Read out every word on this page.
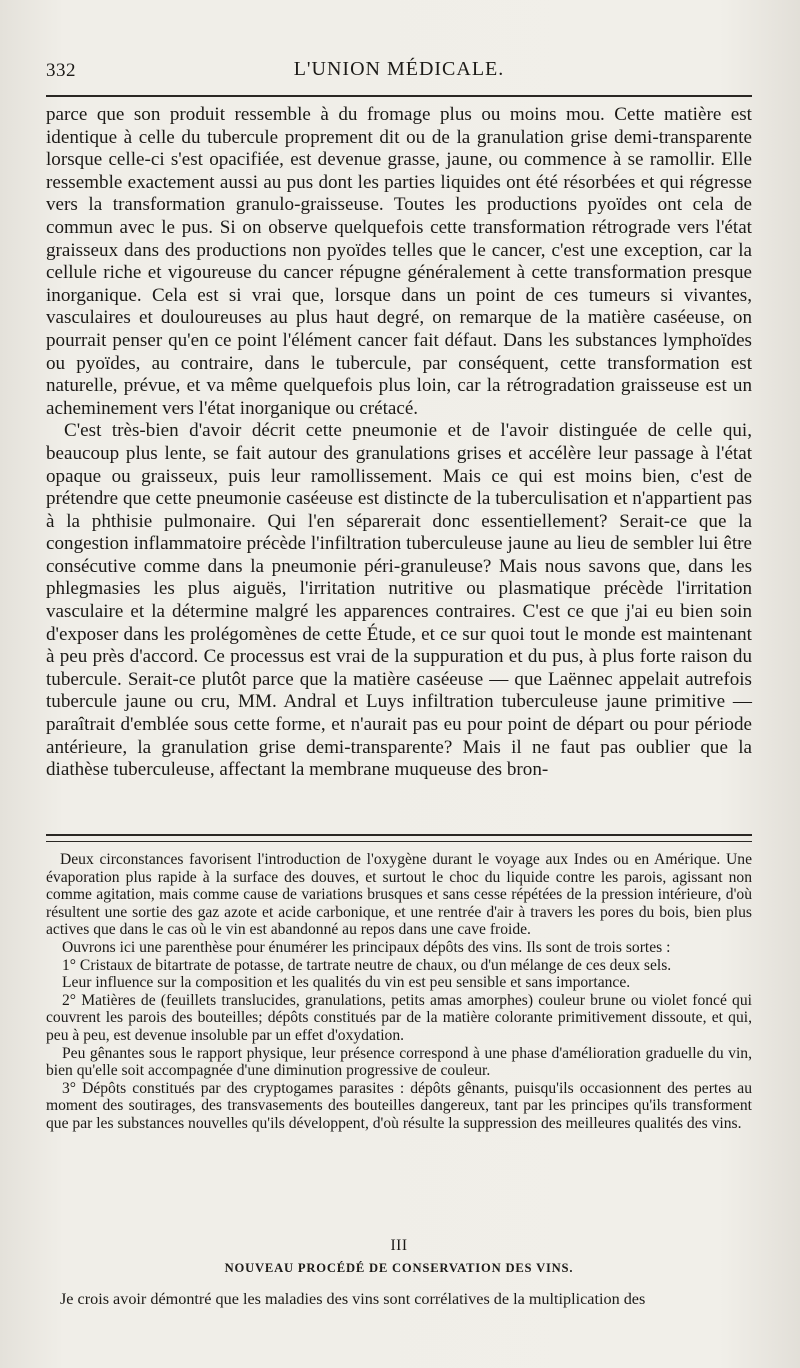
332	L'UNION MÉDICALE.

parce que son produit ressemble à du fromage plus ou moins mou. Cette matière est identique à celle du tubercule proprement dit ou de la granulation grise demi-transparente lorsque celle-ci s'est opacifiée, est devenue grasse, jaune, ou commence à se ramollir. Elle ressemble exactement aussi au pus dont les parties liquides ont été résorbées et qui régresse vers la transformation granulo-graisseuse. Toutes les productions pyoïdes ont cela de commun avec le pus. Si on observe quelquefois cette transformation rétrograde vers l'état graisseux dans des productions non pyoïdes telles que le cancer, c'est une exception, car la cellule riche et vigoureuse du cancer répugne généralement à cette transformation presque inorganique. Cela est si vrai que, lorsque dans un point de ces tumeurs si vivantes, vasculaires et douloureuses au plus haut degré, on remarque de la matière caséeuse, on pourrait penser qu'en ce point l'élément cancer fait défaut. Dans les substances lymphoïdes ou pyoïdes, au contraire, dans le tubercule, par conséquent, cette transformation est naturelle, prévue, et va même quelquefois plus loin, car la rétrogradation graisseuse est un acheminement vers l'état inorganique ou crétacé.

C'est très-bien d'avoir décrit cette pneumonie et de l'avoir distinguée de celle qui, beaucoup plus lente, se fait autour des granulations grises et accélère leur passage à l'état opaque ou graisseux, puis leur ramollissement. Mais ce qui est moins bien, c'est de prétendre que cette pneumonie caséeuse est distincte de la tuberculisation et n'appartient pas à la phthisie pulmonaire. Qui l'en séparerait donc essentiellement? Serait-ce que la congestion inflammatoire précède l'infiltration tuberculeuse jaune au lieu de sembler lui être consécutive comme dans la pneumonie péri-granuleuse? Mais nous savons que, dans les phlegmasies les plus aiguës, l'irritation nutritive ou plasmatique précède l'irritation vasculaire et la détermine malgré les apparences contraires. C'est ce que j'ai eu bien soin d'exposer dans les prolégomènes de cette Étude, et ce sur quoi tout le monde est maintenant à peu près d'accord. Ce processus est vrai de la suppuration et du pus, à plus forte raison du tubercule. Serait-ce plutôt parce que la matière caséeuse — que Laënnec appelait autrefois tubercule jaune ou cru, MM. Andral et Luys infiltration tuberculeuse jaune primitive — paraîtrait d'emblée sous cette forme, et n'aurait pas eu pour point de départ ou pour période antérieure, la granulation grise demi-transparente? Mais il ne faut pas oublier que la diathèse tuberculeuse, affectant la membrane muqueuse des bron-

Deux circonstances favorisent l'introduction de l'oxygène durant le voyage aux Indes ou en Amérique. Une évaporation plus rapide à la surface des douves, et surtout le choc du liquide contre les parois, agissant non comme agitation, mais comme cause de variations brusques et sans cesse répétées de la pression intérieure, d'où résultent une sortie des gaz azote et acide carbonique, et une rentrée d'air à travers les pores du bois, bien plus actives que dans le cas où le vin est abandonné au repos dans une cave froide.

Ouvrons ici une parenthèse pour énumérer les principaux dépôts des vins. Ils sont de trois sortes :

1° Cristaux de bitartrate de potasse, de tartrate neutre de chaux, ou d'un mélange de ces deux sels.

Leur influence sur la composition et les qualités du vin est peu sensible et sans importance.

2° Matières de (feuillets translucides, granulations, petits amas amorphes) couleur brune ou violet foncé qui couvrent les parois des bouteilles; dépôts constitués par de la matière colorante primitivement dissoute, et qui, peu à peu, est devenue insoluble par un effet d'oxydation.

Peu gênantes sous le rapport physique, leur présence correspond à une phase d'amélioration graduelle du vin, bien qu'elle soit accompagnée d'une diminution progressive de couleur.

3° Dépôts constitués par des cryptogames parasites : dépôts gênants, puisqu'ils occasionnent des pertes au moment des soutirages, des transvasements des bouteilles dangereux, tant par les principes qu'ils transforment que par les substances nouvelles qu'ils développent, d'où résulte la suppression des meilleures qualités des vins.

III
NOUVEAU PROCÉDÉ DE CONSERVATION DES VINS.
Je crois avoir démontré que les maladies des vins sont corrélatives de la multiplication des
